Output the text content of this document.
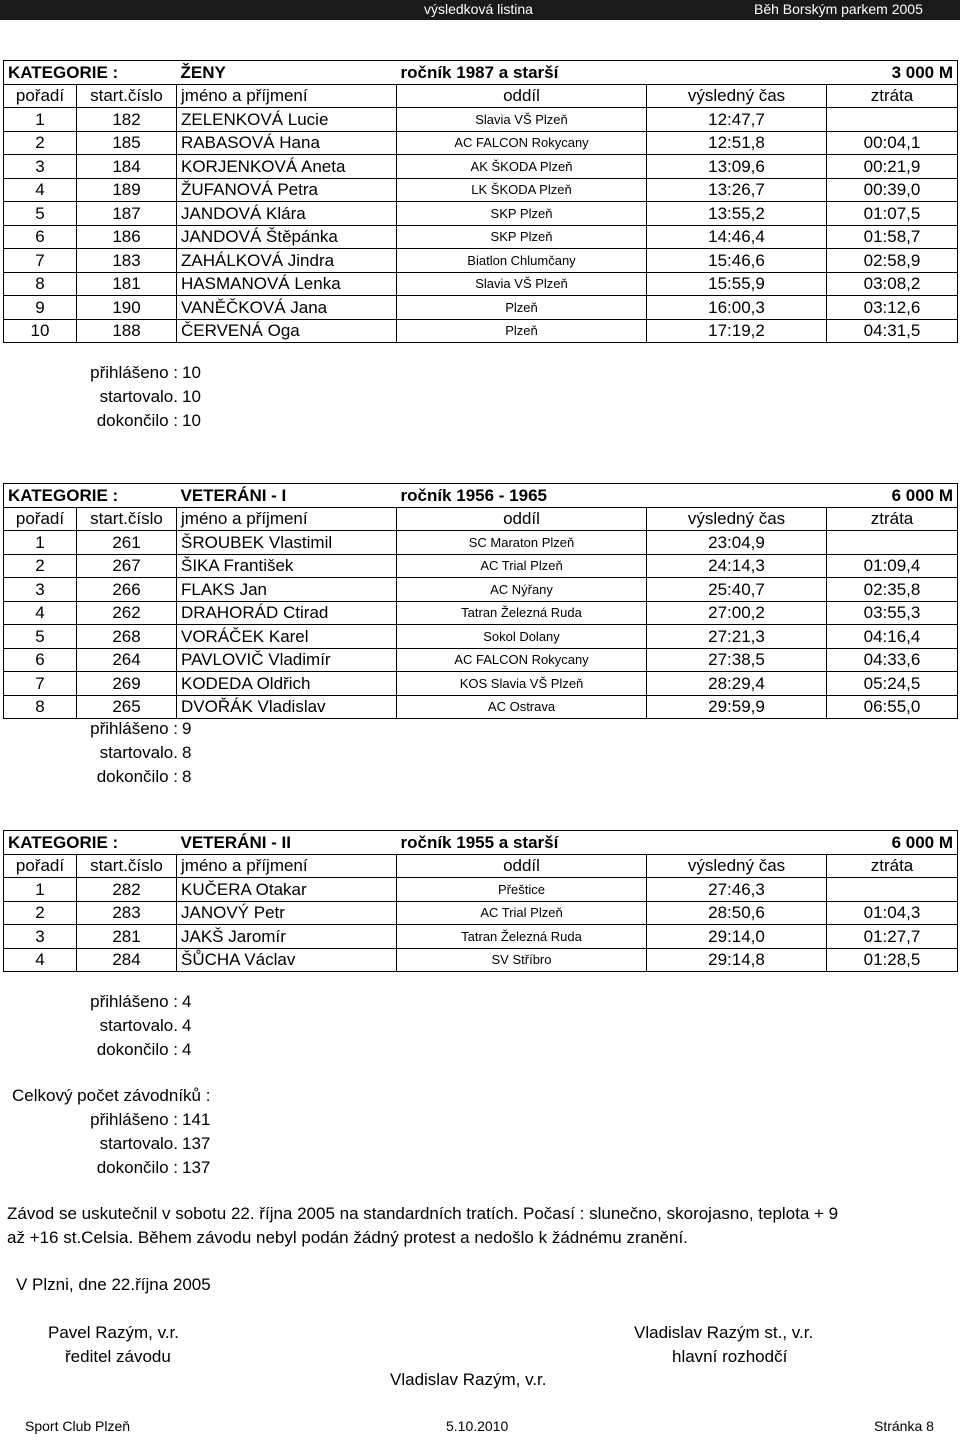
výsledková listina	Běh Borským parkem 2005
KATEGORIE :		ŽENY	ročník 1987 a starší		3 000 M
pořadí	start.číslo	jméno a příjmení	oddíl	výsledný čas	ztráta
1	182	ZELENKOVÁ Lucie	Slavia VŠ Plzeň	12:47,7	
2	185	RABASOVÁ Hana	AC FALCON Rokycany	12:51,8	00:04,1
3	184	KORJENKOVÁ Aneta	AK ŠKODA Plzeň	13:09,6	00:21,9
4	189	ŽUFANOVÁ Petra	LK ŠKODA Plzeň	13:26,7	00:39,0
5	187	JANDOVÁ Klára	SKP Plzeň	13:55,2	01:07,5
6	186	JANDOVÁ Štěpánka	SKP Plzeň	14:46,4	01:58,7
7	183	ZAHÁLKOVÁ Jindra	Biatlon Chlumčany	15:46,6	02:58,9
8	181	HASMANOVÁ Lenka	Slavia VŠ Plzeň	15:55,9	03:08,2
9	190	VANĚČKOVÁ Jana	Plzeň	16:00,3	03:12,6
10	188	ČERVENÁ Oga	Plzeň	17:19,2	04:31,5
přihlášeno : 10
startovalo. 10
dokončilo : 10
KATEGORIE :		VETERÁNI - I	ročník 1956 - 1965		6 000 M
pořadí	start.číslo	jméno a příjmení	oddíl	výsledný čas	ztráta
1	261	ŠROUBEK Vlastimil	SC Maraton Plzeň	23:04,9	
2	267	ŠIKA František	AC Trial Plzeň	24:14,3	01:09,4
3	266	FLAKS Jan	AC Nýřany	25:40,7	02:35,8
4	262	DRAHORÁD Ctirad	Tatran Železná Ruda	27:00,2	03:55,3
5	268	VORÁČEK Karel	Sokol Dolany	27:21,3	04:16,4
6	264	PAVLOVIČ Vladimír	AC FALCON Rokycany	27:38,5	04:33,6
7	269	KODEDA Oldřich	KOS Slavia VŠ Plzeň	28:29,4	05:24,5
8	265	DVOŘÁK Vladislav	AC Ostrava	29:59,9	06:55,0
přihlášeno : 9
startovalo. 8
dokončilo : 8
KATEGORIE :		VETERÁNI - II	ročník 1955 a starší		6 000 M
pořadí	start.číslo	jméno a příjmení	oddíl	výsledný čas	ztráta
1	282	KUČERA Otakar	Přeštice	27:46,3	
2	283	JANOVÝ Petr	AC Trial Plzeň	28:50,6	01:04,3
3	281	JAKŠ Jaromír	Tatran Železná Ruda	29:14,0	01:27,7
4	284	ŠŮCHA Václav	SV Stříbro	29:14,8	01:28,5
přihlášeno : 4
startovalo. 4
dokončilo : 4
Celkový počet závodníků :
přihlášeno : 141
startovalo. 137
dokončilo : 137
Závod se uskutečnil v sobotu 22. října 2005 na standardních tratích. Počasí : slunečno, skorojasno, teplota + 9
až +16 st.Celsia. Během závodu nebyl podán žádný protest a nedošlo k žádnému zranění.
V Plzni, dne 22.října 2005
Pavel Razým, v.r.
ředitel závodu
Vladislav Razým st., v.r.
hlavní rozhodčí
Vladislav Razým, v.r.
Sport Club Plzeň	5.10.2010	Stránka 8
